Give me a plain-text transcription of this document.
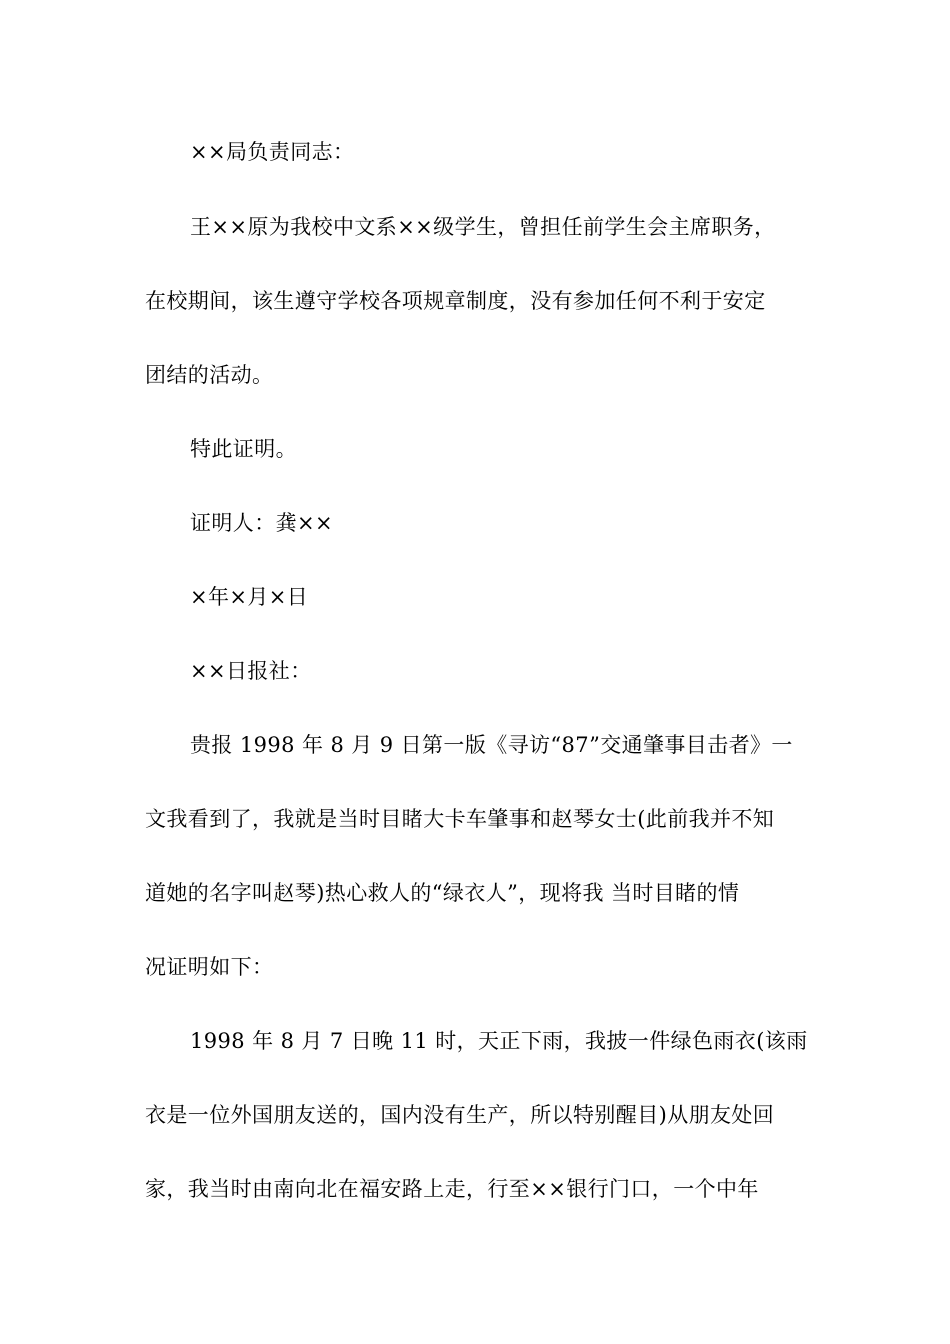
××局负责同志：
王××原为我校中文系××级学生，曾担任前学生会主席职务，
在校期间，该生遵守学校各项规章制度，没有参加任何不利于安定
团结的活动。
特此证明。
证明人：龚××
×年×月×日
××日报社：
贵报 1998 年 8 月 9 日第一版《寻访“87”交通肇事目击者》一
文我看到了，我就是当时目睹大卡车肇事和赵琴女士(此前我并不知
道她的名字叫赵琴)热心救人的“绿衣人”，现将我 当时目睹的情
况证明如下：
1998 年 8 月 7 日晚 11 时，天正下雨，我披一件绿色雨衣(该雨
衣是一位外国朋友送的，国内没有生产，所以特别醒目)从朋友处回
家，我当时由南向北在福安路上走，行至××银行门口，一个中年
